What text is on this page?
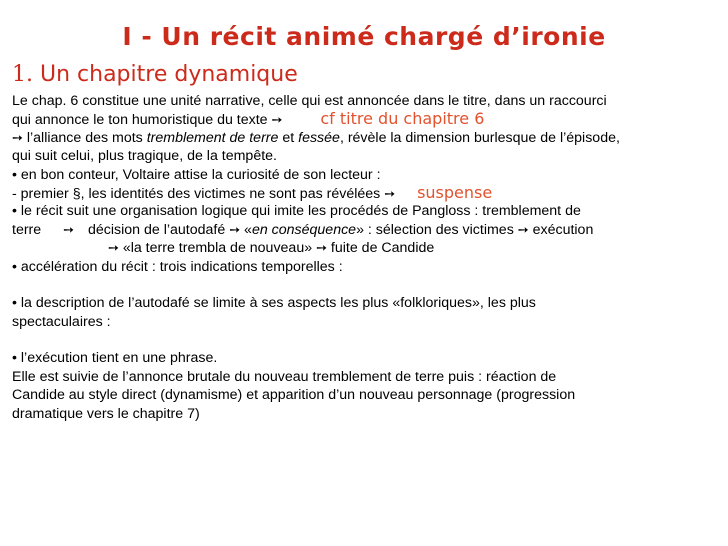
I - Un récit animé chargé d’ironie
1. Un chapitre dynamique
Le chap. 6 constitue une unité narrative, celle qui est annoncée dans le titre, dans un raccourci
qui annonce le ton humoristique du texte ➙ cf titre du chapitre 6
➙ l’alliance des mots tremblement de terre et fessée, révèle la dimension burlesque de l’épisode,
qui suit celui, plus tragique, de la tempête.
• en bon conteur, Voltaire attise la curiosité de son lecteur :
- premier §, les identités des victimes ne sont pas révélées ➙ suspense
• le récit suit une organisation logique qui imite les procédés de Pangloss : tremblement de
terre ➙ décision de l’autodafé ➙ «en conséquence» : sélection des victimes ➙ exécution
➙ «la terre trembla de nouveau» ➙ fuite de Candide
• accélération du récit : trois indications temporelles :
• la description de l’autodafé se limite à ses aspects les plus «folkloriques», les plus
spectaculaires :
• l’exécution tient en une phrase.
Elle est suivie de l’annonce brutale du nouveau tremblement de terre puis : réaction de
Candide au style direct (dynamisme) et apparition d’un nouveau personnage (progression
dramatique vers le chapitre 7)
